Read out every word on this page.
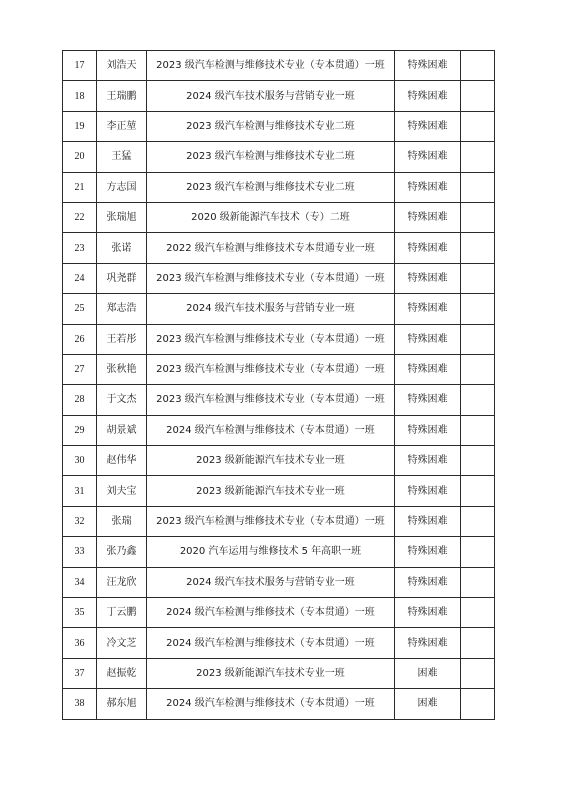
17	刘浩天	2023 级汽车检测与维修技术专业（专本贯通）一班	特殊困难	
18	王瑞鹏	2024 级汽车技术服务与营销专业一班	特殊困难	
19	李正堃	2023 级汽车检测与维修技术专业二班	特殊困难	
20	王猛	2023 级汽车检测与维修技术专业二班	特殊困难	
21	方志国	2023 级汽车检测与维修技术专业二班	特殊困难	
22	张瑞旭	2020 级新能源汽车技术（专）二班	特殊困难	
23	张诺	2022 级汽车检测与维修技术专本贯通专业一班	特殊困难	
24	巩尧群	2023 级汽车检测与维修技术专业（专本贯通）一班	特殊困难	
25	郑志浩	2024 级汽车技术服务与营销专业一班	特殊困难	
26	王若彤	2023 级汽车检测与维修技术专业（专本贯通）一班	特殊困难	
27	张秋艳	2023 级汽车检测与维修技术专业（专本贯通）一班	特殊困难	
28	于文杰	2023 级汽车检测与维修技术专业（专本贯通）一班	特殊困难	
29	胡景斌	2024 级汽车检测与维修技术（专本贯通）一班	特殊困难	
30	赵伟华	2023 级新能源汽车技术专业一班	特殊困难	
31	刘夫宝	2023 级新能源汽车技术专业一班	特殊困难	
32	张瑞	2023 级汽车检测与维修技术专业（专本贯通）一班	特殊困难	
33	张乃鑫	2020 汽车运用与维修技术 5 年高职一班	特殊困难	
34	汪龙欣	2024 级汽车技术服务与营销专业一班	特殊困难	
35	丁云鹏	2024 级汽车检测与维修技术（专本贯通）一班	特殊困难	
36	冷文芝	2024 级汽车检测与维修技术（专本贯通）一班	特殊困难	
37	赵振乾	2023 级新能源汽车技术专业一班	困难	
38	郝东旭	2024 级汽车检测与维修技术（专本贯通）一班	困难	
